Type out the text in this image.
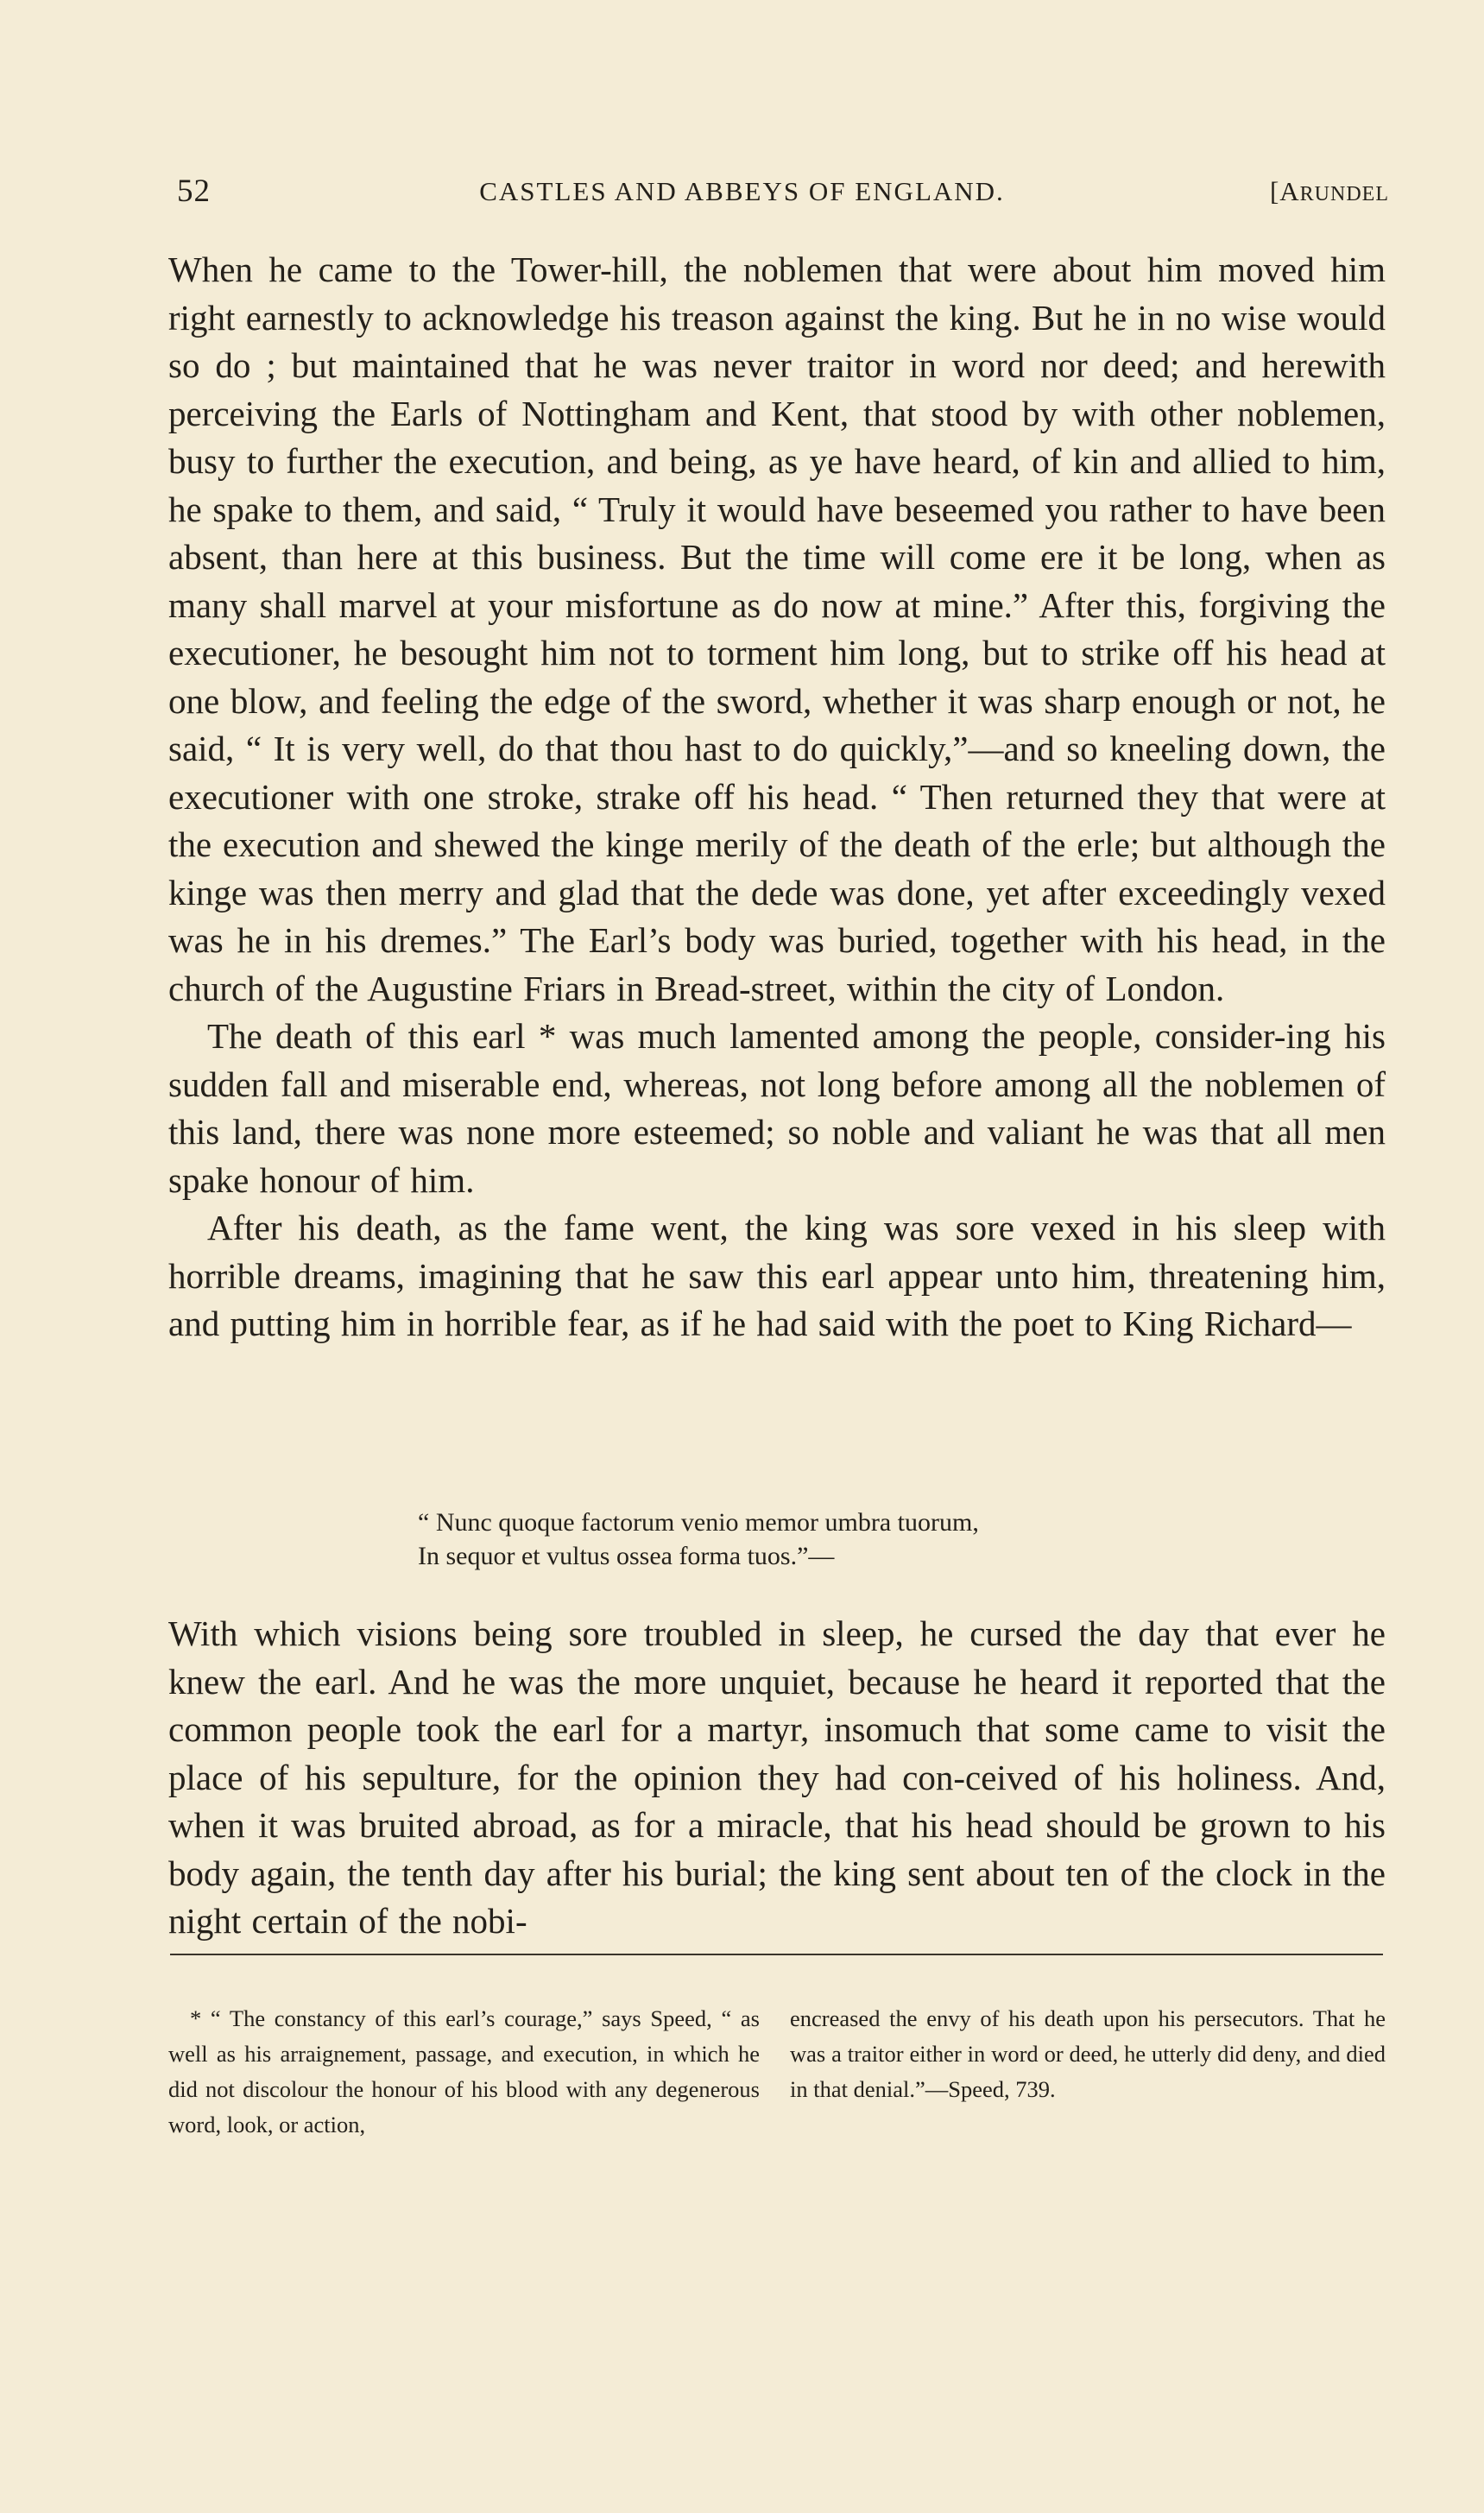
52	CASTLES AND ABBEYS OF ENGLAND.	[ARUNDEL

When he came to the Tower-hill, the noblemen that were about him moved him right earnestly to acknowledge his treason against the king. But he in no wise would so do ; but maintained that he was never traitor in word nor deed; and herewith perceiving the Earls of Nottingham and Kent, that stood by with other noblemen, busy to further the execution, and being, as ye have heard, of kin and allied to him, he spake to them, and said, “ Truly it would have beseemed you rather to have been absent, than here at this business. But the time will come ere it be long, when as many shall marvel at your misfortune as do now at mine.” After this, forgiving the executioner, he besought him not to torment him long, but to strike off his head at one blow, and feeling the edge of the sword, whether it was sharp enough or not, he said, “ It is very well, do that thou hast to do quickly,”—and so kneeling down, the executioner with one stroke, strake off his head. “ Then returned they that were at the execution and shewed the kinge merily of the death of the erle; but although the kinge was then merry and glad that the dede was done, yet after exceedingly vexed was he in his dremes.” The Earl’s body was buried, together with his head, in the church of the Augustine Friars in Bread-street, within the city of London.

The death of this earl * was much lamented among the people, consider-ing his sudden fall and miserable end, whereas, not long before among all the noblemen of this land, there was none more esteemed; so noble and valiant he was that all men spake honour of him.

After his death, as the fame went, the king was sore vexed in his sleep with horrible dreams, imagining that he saw this earl appear unto him, threatening him, and putting him in horrible fear, as if he had said with the poet to King Richard—

“ Nunc quoque factorum venio memor umbra tuorum,

In sequor et vultus ossea forma tuos.”—

With which visions being sore troubled in sleep, he cursed the day that ever he knew the earl. And he was the more unquiet, because he heard it reported that the common people took the earl for a martyr, insomuch that some came to visit the place of his sepulture, for the opinion they had con-ceived of his holiness. And, when it was bruited abroad, as for a miracle, that his head should be grown to his body again, the tenth day after his burial; the king sent about ten of the clock in the night certain of the nobi-

* “ The constancy of this earl’s courage,” says Speed, “ as well as his arraignement, passage, and execution, in which he did not discolour the honour of his blood with any degenerous word, look, or action,

encreased the envy of his death upon his persecutors. That he was a traitor either in word or deed, he utterly did deny, and died in that denial.”—Speed, 739.
